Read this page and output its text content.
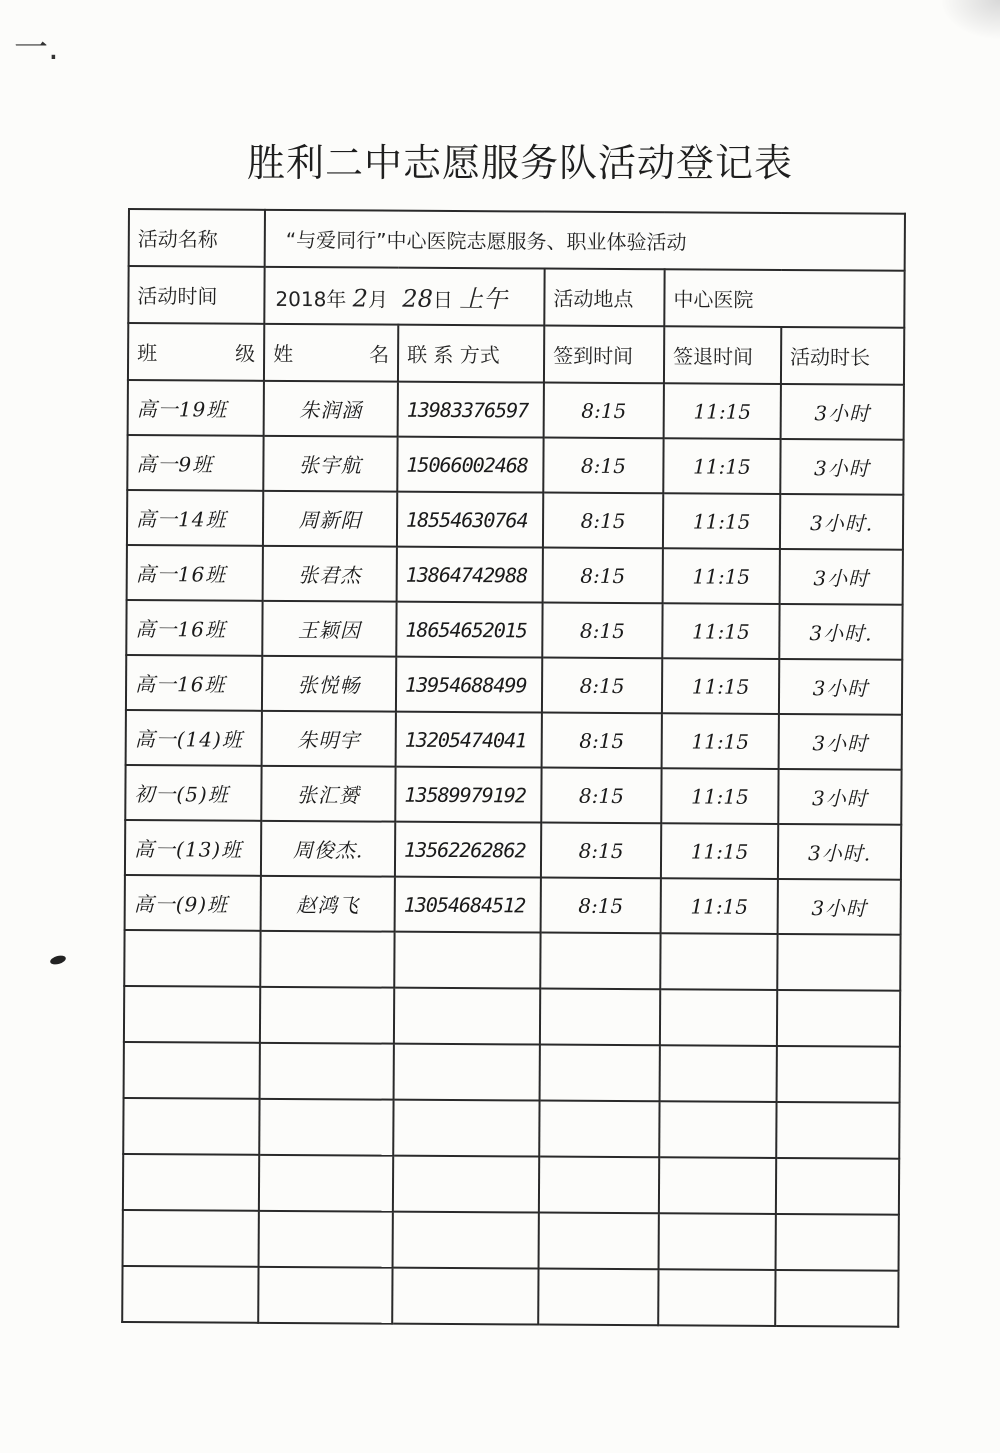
一.
胜利二中志愿服务队活动登记表
活动名称	“与爱同行”中心医院志愿服务、职业体验活动				
活动时间	2018年 2月 28日 上午		活动地点	中心医院	
班 级	姓 名	联 系 方式	签到时间	签退时间	活动时长
高一19班	朱润涵	13983376597	8:15	11:15	3小时
高一9班	张宇航	15066002468	8:15	11:15	3小时
高一14班	周新阳	18554630764	8:15	11:15	3小时.
高一16班	张君杰	13864742988	8:15	11:15	3小时
高一16班	王颖因	18654652015	8:15	11:15	3小时.
高一16班	张悦畅	13954688499	8:15	11:15	3小时
高一(14)班	朱明宇	13205474041	8:15	11:15	3小时
初一(5)班	张汇赟	13589979192	8:15	11:15	3小时
高一(13)班	周俊杰.	13562262862	8:15	11:15	3小时.
高一(9)班	赵鸿飞	13054684512	8:15	11:15	3小时
